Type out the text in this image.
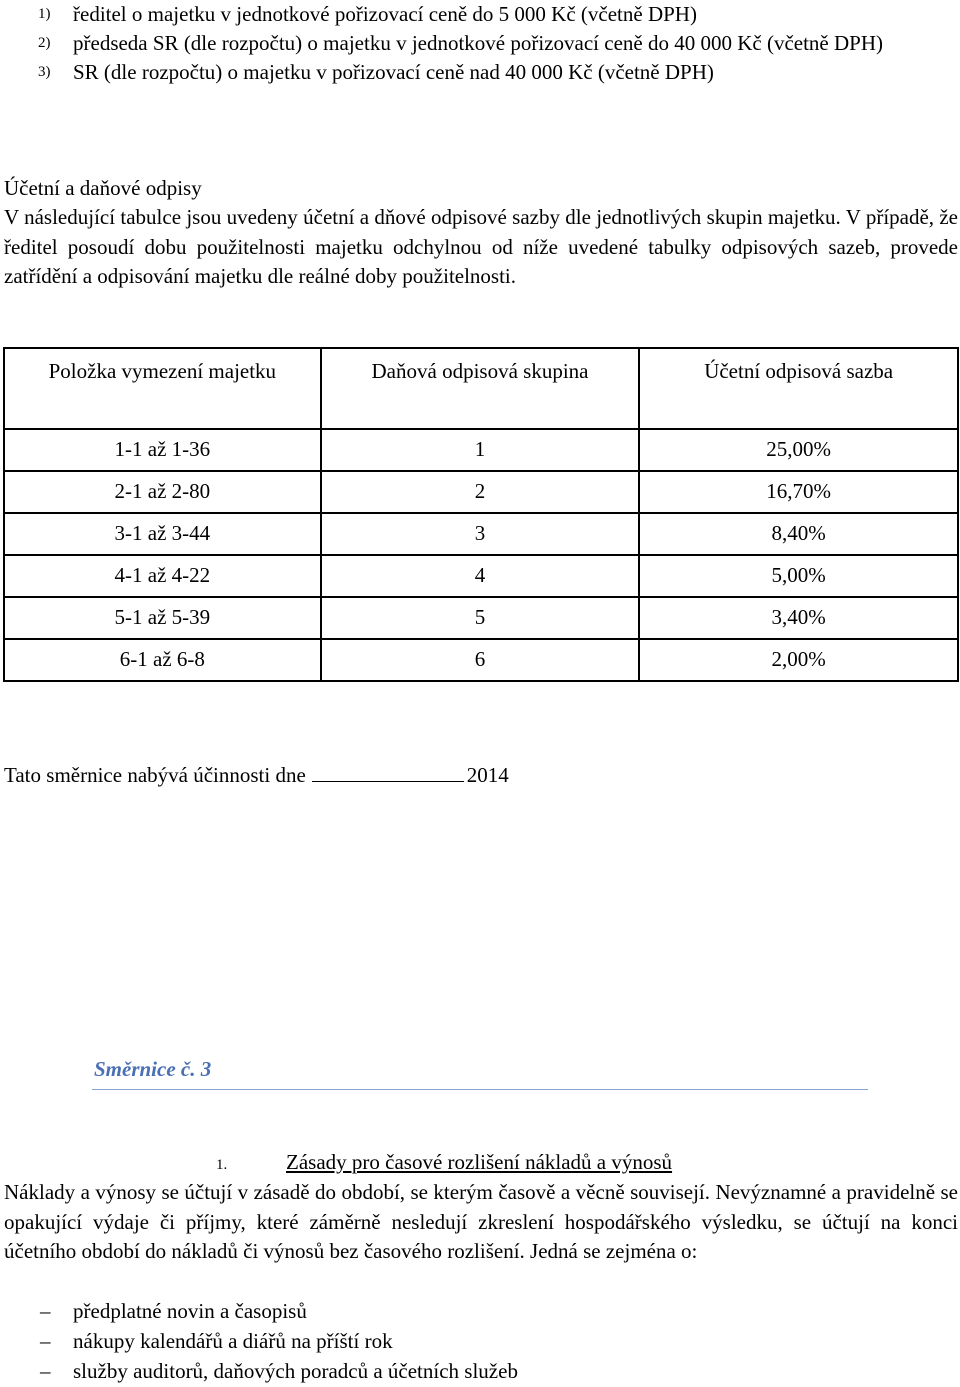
1) ředitel o majetku v jednotkové pořizovací ceně do 5 000 Kč (včetně DPH)
2) předseda SR (dle rozpočtu) o majetku v jednotkové pořizovací ceně do 40 000 Kč (včetně DPH)
3) SR (dle rozpočtu) o majetku v pořizovací ceně nad 40 000 Kč (včetně DPH)
Účetní a daňové odpisy
V následující tabulce jsou uvedeny účetní a dňové odpisové sazby dle jednotlivých skupin majetku. V případě, že ředitel posoudí dobu použitelnosti majetku odchylnou od níže uvedené tabulky odpisových sazeb, provede zatřídění a odpisování majetku dle reálné doby použitelnosti.
Položka vymezení majetku	Daňová odpisová skupina	Účetní odpisová sazba
1-1 až 1-36	1	25,00%
2-1 až 2-80	2	16,70%
3-1 až 3-44	3	8,40%
4-1 až 4-22	4	5,00%
5-1 až 5-39	5	3,40%
6-1 až 6-8	6	2,00%
Tato směrnice nabývá účinnosti dne	2014
Směrnice č. 3
1.	Zásady pro časové rozlišení nákladů a výnosů
Náklady a výnosy se účtují v zásadě do období, se kterým časově a věcně souvisejí. Nevýznamné a pravidelně se opakující výdaje či příjmy, které záměrně nesledují zkreslení hospodářského výsledku, se účtují na konci účetního období do nákladů či výnosů bez časového rozlišení. Jedná se zejména o:
– předplatné novin a časopisů
– nákupy kalendářů a diářů na příští rok
– služby auditorů, daňových poradců a účetních služeb
